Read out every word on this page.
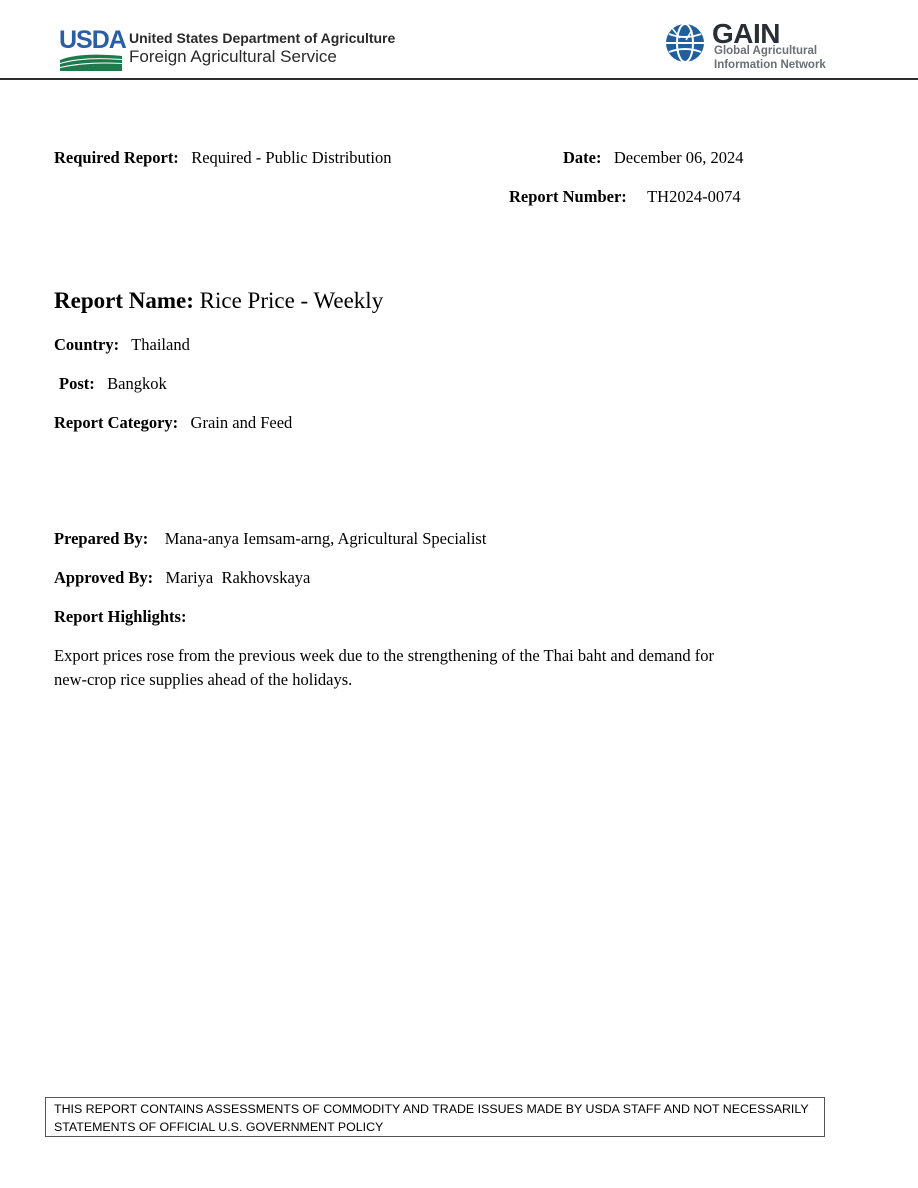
USDA United States Department of Agriculture
Foreign Agricultural Service
GAIN
Global Agricultural
Information Network
Required Report: Required - Public Distribution	Date: December 06, 2024
Report Number: TH2024-0074
Report Name: Rice Price - Weekly
Country: Thailand
Post: Bangkok
Report Category: Grain and Feed
Prepared By: Mana-anya Iemsam-arng, Agricultural Specialist
Approved By: Mariya  Rakhovskaya
Report Highlights:
Export prices rose from the previous week due to the strengthening of the Thai baht and demand for
new-crop rice supplies ahead of the holidays.
THIS REPORT CONTAINS ASSESSMENTS OF COMMODITY AND TRADE ISSUES MADE BY USDA STAFF AND NOT NECESSARILY
STATEMENTS OF OFFICIAL U.S. GOVERNMENT POLICY
